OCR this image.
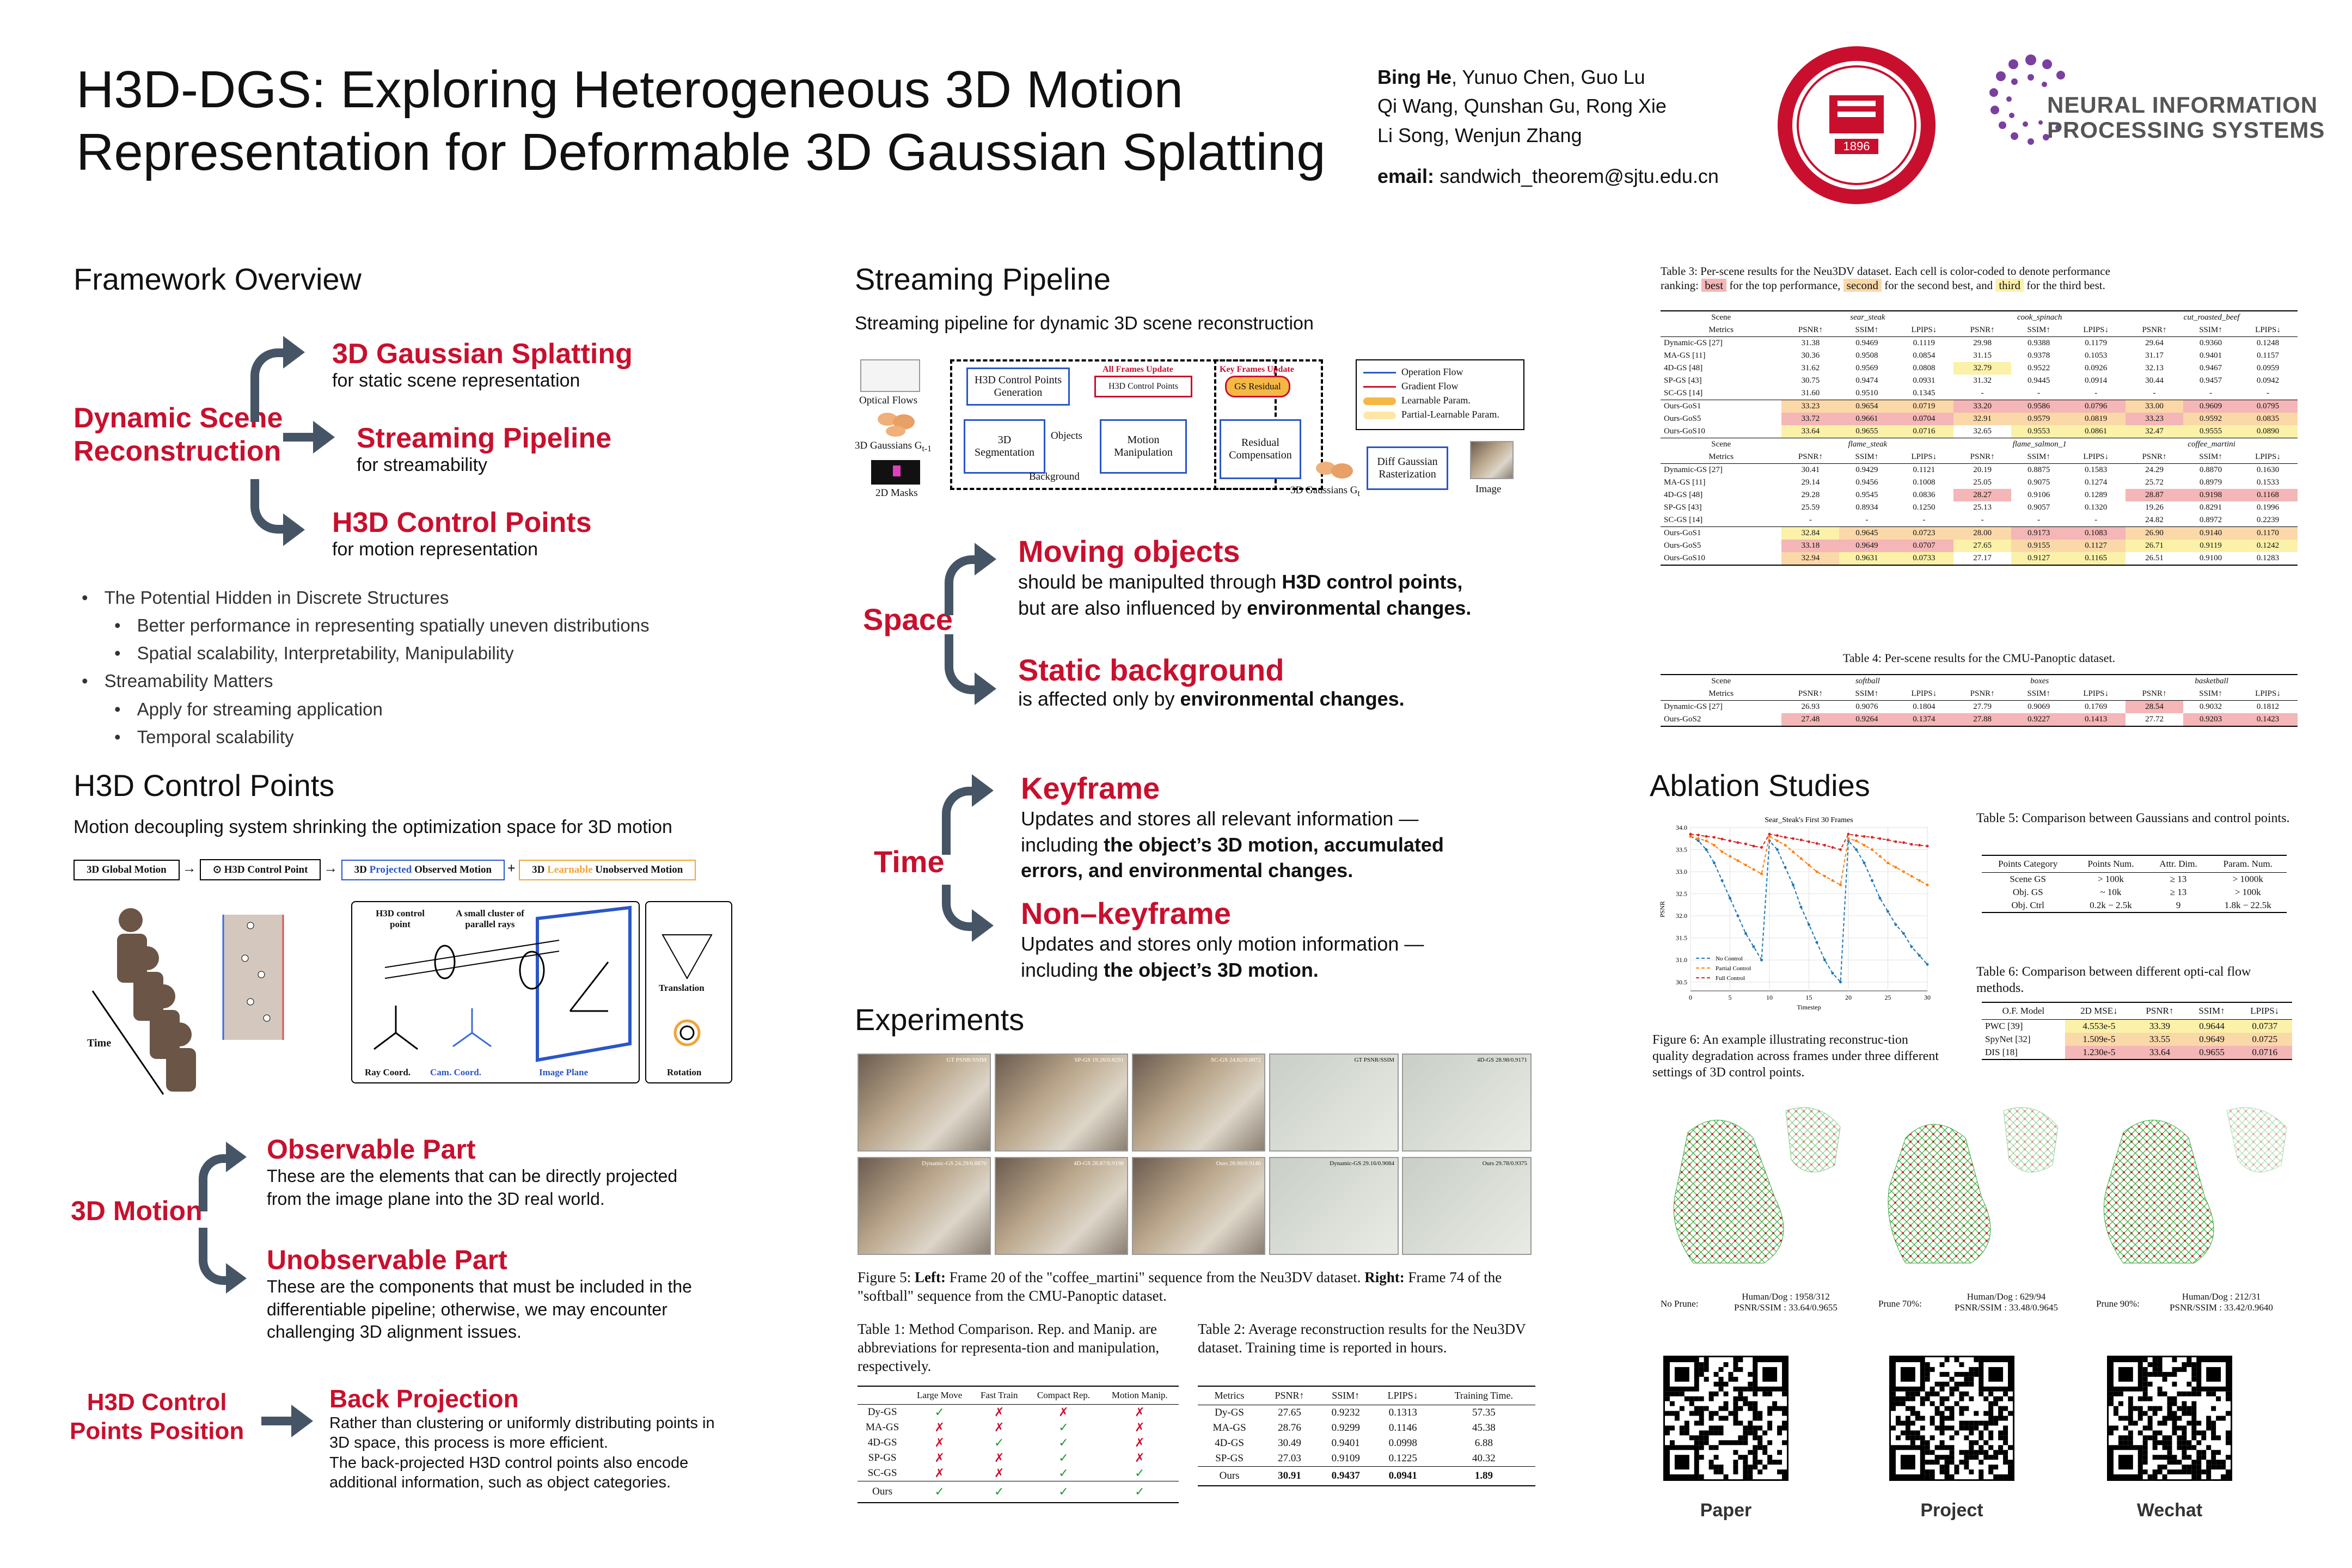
H3D-DGS: Exploring Heterogeneous 3D Motion
Representation for Deformable 3D Gaussian Splatting
Bing He, Yunuo Chen, Guo Lu
Qi Wang, Qunshan Gu, Rong Xie
Li Song, Wenjun Zhang
email: sandwich_theorem@sjtu.edu.cn
1896
NEURAL INFORMATION
PROCESSING SYSTEMS
Framework Overview
Dynamic Scene
Reconstruction
3D Gaussian Splatting
for static scene representation
Streaming Pipeline
for streamability
H3D Control Points
for motion representation
• The Potential Hidden in Discrete Structures
• Better performance in representing spatially uneven distributions
• Spatial scalability, Interpretability, Manipulability
• Streamability Matters
• Apply for streaming application
• Temporal scalability
H3D Control Points
Motion decoupling system shrinking the optimization space for 3D motion
3D Global Motion → ⊙ H3D Control Point → 3D Projected Observed Motion + 3D Learnable Unobserved Motion
Time
H3D control point
A small cluster of parallel rays
Ray Coord. Cam. Coord.	Image Plane
Translation
Rotation
3D Motion
Observable Part
These are the elements that can be directly projected
from the image plane into the 3D real world.
Unobservable Part
These are the components that must be included in the
differentiable pipeline; otherwise, we may encounter
challenging 3D alignment issues.
H3D Control
Points Position
Back Projection
Rather than clustering or uniformly distributing points in
3D space, this process is more efficient.
The back-projected H3D control points also encode
additional information, such as object categories.
Streaming Pipeline
Streaming pipeline for dynamic 3D scene reconstruction
Optical Flows
3D Gaussians $G_{t-1}$
2D Masks
H3D Control Points Generation
All Frames Update
H3D Control Points
3D Segmentation
Objects
Background
Motion Manipulation
Key Frames Update
GS Residual
Residual Compensation
3D Gaussians $G_t$
Diff Gaussian Rasterization
Image
Operation Flow
Gradient Flow
Learnable Param.
Partial-Learnable Param.
Space
Moving objects
should be manipulted through H3D control points,
but are also influenced by environmental changes.
Static background
is affected only by environmental changes.
Time
Keyframe
Updates and stores all relevant information —
including the object’s 3D motion, accumulated
errors, and environmental changes.
Non–keyframe
Updates and stores only motion information —
including the object’s 3D motion.
Experiments
GT PSNR/SSIM	SP-GS 19.26/0.8291	SC-GS 24.82/0.8872	GT PSNR/SSIM	4D-GS 28.98/0.9171
Dynamic-GS 24.29/0.8870	4D-GS 28.87/0.9198	Ours 26.90/0.9140	Dynamic-GS 29.16/0.9084	Ours 29.78/0.9375
Figure 5: Left: Frame 20 of the "coffee_martini" sequence from the Neu3DV dataset. Right: Frame 74 of the "softball" sequence from the CMU-Panoptic dataset.
Table 1: Method Comparison. Rep. and Manip. are abbreviations for representa-tion and manipulation, respectively.
	Large Move	Fast Train	Compact Rep.	Motion Manip.
Dy-GS	✓	✗	✗	✗
MA-GS	✗	✗	✓	✗
4D-GS	✗	✓	✓	✗
SP-GS	✗	✗	✓	✗
SC-GS	✗	✗	✓	✓
Ours	✓	✓	✓	✓
Table 2: Average reconstruction results for the Neu3DV dataset. Training time is reported in hours.
Metrics	PSNR↑	SSIM↑	LPIPS↓	Training Time.
Dy-GS	27.65	0.9232	0.1313	57.35
MA-GS	28.76	0.9299	0.1146	45.38
4D-GS	30.49	0.9401	0.0998	6.88
SP-GS	27.03	0.9109	0.1225	40.32
Ours	30.91	0.9437	0.0941	1.89
Table 3: Per-scene results for the Neu3DV dataset. Each cell is color-coded to denote performance
ranking: best for the top performance, second for the second best, and third for the third best.
Scene	sear_steak			cook_spinach			cut_roasted_beef		
Metrics	PSNR↑	SSIM↑	LPIPS↓	PSNR↑	SSIM↑	LPIPS↓	PSNR↑	SSIM↑	LPIPS↓
Dynamic-GS [27]	31.38	0.9469	0.1119	29.98	0.9388	0.1179	29.64	0.9360	0.1248
MA-GS [11]	30.36	0.9508	0.0854	31.15	0.9378	0.1053	31.17	0.9401	0.1157
4D-GS [48]	31.62	0.9569	0.0808	32.79	0.9522	0.0926	32.13	0.9467	0.0959
SP-GS [43]	30.75	0.9474	0.0931	31.32	0.9445	0.0914	30.44	0.9457	0.0942
SC-GS [14]	31.60	0.9510	0.1345	-	-	-	-	-	-
Ours-GoS1	33.23	0.9654	0.0719	33.20	0.9586	0.0796	33.00	0.9609	0.0795
Ours-GoS5	33.72	0.9661	0.0704	32.91	0.9579	0.0819	33.23	0.9592	0.0835
Ours-GoS10	33.64	0.9655	0.0716	32.65	0.9553	0.0861	32.47	0.9555	0.0890
Scene	flame_steak			flame_salmon_1			coffee_martini		
Metrics	PSNR↑	SSIM↑	LPIPS↓	PSNR↑	SSIM↑	LPIPS↓	PSNR↑	SSIM↑	LPIPS↓
Dynamic-GS [27]	30.41	0.9429	0.1121	20.19	0.8875	0.1583	24.29	0.8870	0.1630
MA-GS [11]	29.14	0.9456	0.1008	25.05	0.9075	0.1274	25.72	0.8979	0.1533
4D-GS [48]	29.28	0.9545	0.0836	28.27	0.9106	0.1289	28.87	0.9198	0.1168
SP-GS [43]	25.59	0.8934	0.1250	25.13	0.9057	0.1320	19.26	0.8291	0.1996
SC-GS [14]	-	-	-	-	-	-	24.82	0.8972	0.2239
Ours-GoS1	32.84	0.9645	0.0723	28.00	0.9173	0.1083	26.90	0.9140	0.1170
Ours-GoS5	33.18	0.9649	0.0707	27.65	0.9155	0.1127	26.71	0.9119	0.1242
Ours-GoS10	32.94	0.9631	0.0733	27.17	0.9127	0.1165	26.51	0.9100	0.1283
Table 4: Per-scene results for the CMU-Panoptic dataset.
Scene	softball			boxes			basketball		
Metrics	PSNR↑	SSIM↑	LPIPS↓	PSNR↑	SSIM↑	LPIPS↓	PSNR↑	SSIM↑	LPIPS↓
Dynamic-GS [27]	26.93	0.9076	0.1804	27.79	0.9069	0.1769	28.54	0.9032	0.1812
Ours-GoS2	27.48	0.9264	0.1374	27.88	0.9227	0.1413	27.72	0.9203	0.1423
Ablation Studies
30.5
31.0
31.5
32.0
32.5
33.0
33.5
34.0
0	5	10	15	20	25	30
Sear_Steak's First 30 Frames
Timestep
PSNR
No Control
Partial Control
Full Control
Figure 6: An example illustrating reconstruc-tion quality degradation across frames under three different settings of 3D control points.
Table 5: Comparison between Gaussians and control points.
Points Category	Points Num.	Attr. Dim.	Param. Num.
Scene GS	> 100k	≥ 13	> 1000k
Obj. GS	~ 10k	≥ 13	> 100k
Obj. Ctrl	0.2k − 2.5k	9	1.8k − 22.5k
Table 6: Comparison between different opti-cal flow methods.
O.F. Model	2D MSE↓	PSNR↑	SSIM↑	LPIPS↓
PWC [39]	4.553e-5	33.39	0.9644	0.0737
SpyNet [32]	1.509e-5	33.55	0.9649	0.0725
DIS [18]	1.230e-5	33.64	0.9655	0.0716
No Prune:
Human/Dog : 1958/312
PSNR/SSIM : 33.64/0.9655	Prune 70%:
Human/Dog : 629/94
PSNR/SSIM : 33.48/0.9645	Prune 90%:
Human/Dog : 212/31
PSNR/SSIM : 33.42/0.9640
Paper	Project	Wechat
